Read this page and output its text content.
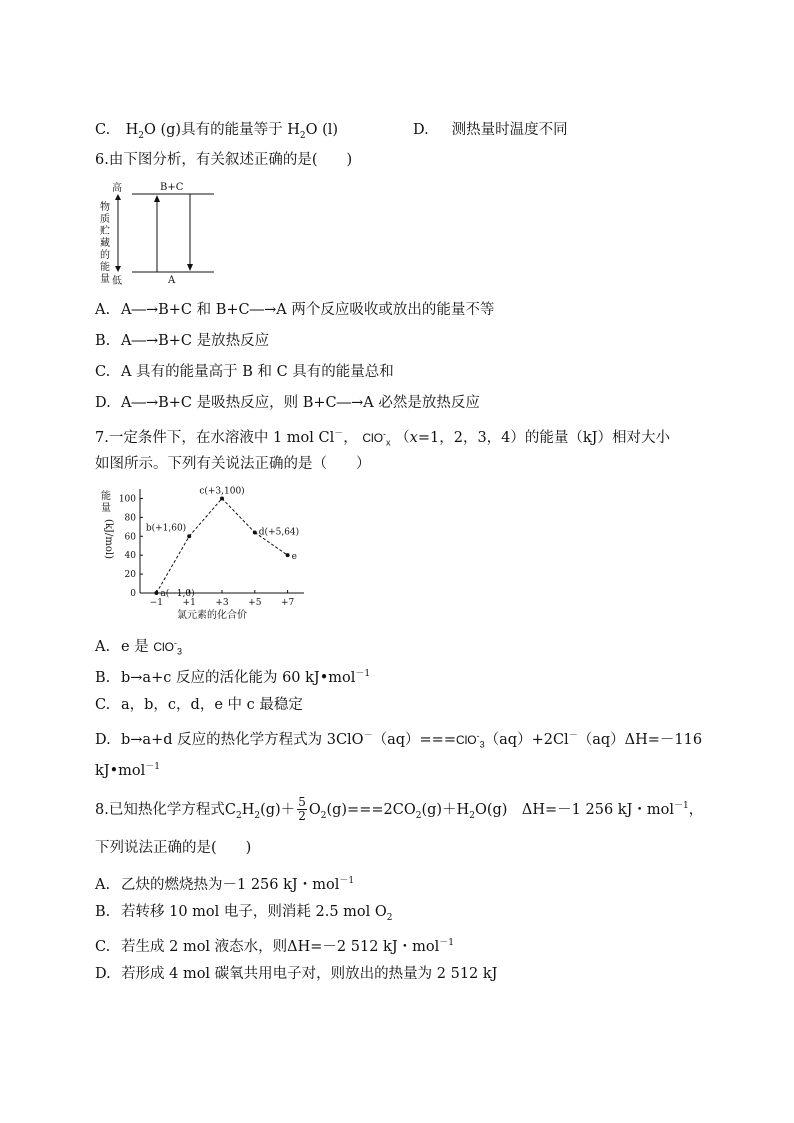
C. $H_2O$ (g)具有的能量等于 $H_2O$ (l)	D. 测热量时温度不同
6.由下图分析，有关叙述正确的是(　　)
物
质
贮
藏
的
能
量
高
低
B+C
A
A. A―→B+C 和 B+C―→A 两个反应吸收或放出的能量不等
B. A―→B+C 是放热反应
C. A 具有的能量高于 B 和 C 具有的能量总和
D. A―→B+C 是吸热反应，则 B+C―→A 必然是放热反应
7.一定条件下，在水溶液中 1 mol Cl－， ClO-$_x$ （x=1，2，3，4）的能量（kJ）相对大小
如图所示。下列有关说法正确的是（　　）
能
量
(kJ/mol)
0
20
40
60
80
100
−1 +1 +3 +5 +7
a(−1,0)
b(+1,60)
c(+3,100)
d(+5,64)
e
氯元素的化合价
A. e 是 ClO-$_3$
B. b→a+c 反应的活化能为 60 kJ•mol$^{-1}$
C. a，b，c，d，e 中 c 最稳定
D. b→a+d 反应的热化学方程式为 3ClO－（aq）===ClO-$_3$（aq）+2Cl－（aq）ΔH=－116
kJ•mol$^{-1}$
8.已知热化学方程式$C_2H_2(g)+ \frac{5}{2} O_2(g)===2CO_2(g)+H_2O(g)$　ΔH=－1 256 kJ・mol$^{-1}$，
下列说法正确的是(　　)
A. 乙炔的燃烧热为－1 256 kJ・mol$^{-1}$
B. 若转移 10 mol 电子，则消耗 2.5 mol $O_2$
C. 若生成 2 mol 液态水，则ΔH=－2 512 kJ・mol$^{-1}$
D. 若形成 4 mol 碳氧共用电子对，则放出的热量为 2 512 kJ
